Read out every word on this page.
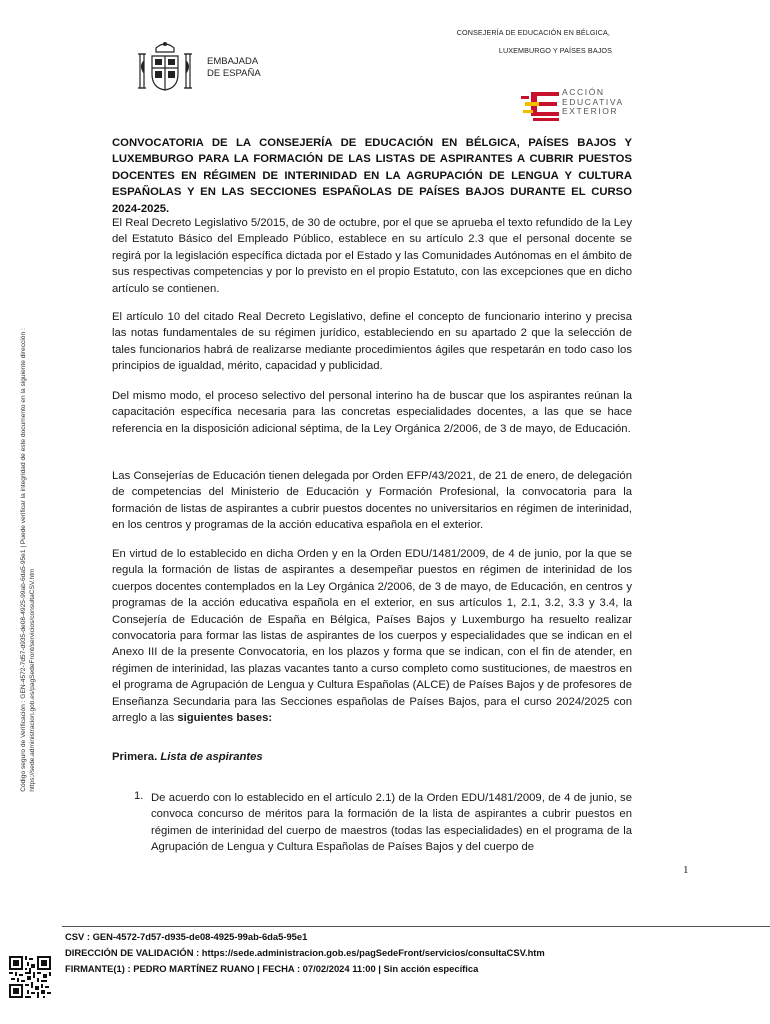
CONSEJERÍA DE EDUCACIÓN EN BÉLGICA,
LUXEMBURGO Y PAÍSES BAJOS
EMBAJADA
DE ESPAÑA
ACCIÓN
EDUCATIVA
EXTERIOR
CONVOCATORIA DE LA CONSEJERÍA DE EDUCACIÓN EN BÉLGICA, PAÍSES BAJOS Y LUXEMBURGO PARA LA FORMACIÓN DE LAS LISTAS DE ASPIRANTES A CUBRIR PUESTOS DOCENTES EN RÉGIMEN DE INTERINIDAD EN LA AGRUPACIÓN DE LENGUA Y CULTURA ESPAÑOLAS Y EN LAS SECCIONES ESPAÑOLAS DE PAÍSES BAJOS DURANTE EL CURSO 2024-2025.
El Real Decreto Legislativo 5/2015, de 30 de octubre, por el que se aprueba el texto refundido de la Ley del Estatuto Básico del Empleado Público, establece en su artículo 2.3 que el personal docente se regirá por la legislación específica dictada por el Estado y las Comunidades Autónomas en el ámbito de sus respectivas competencias y por lo previsto en el propio Estatuto, con las excepciones que en dicho artículo se contienen.
El artículo 10 del citado Real Decreto Legislativo, define el concepto de funcionario interino y precisa las notas fundamentales de su régimen jurídico, estableciendo en su apartado 2 que la selección de tales funcionarios habrá de realizarse mediante procedimientos ágiles que respetarán en todo caso los principios de igualdad, mérito, capacidad y publicidad.
Del mismo modo, el proceso selectivo del personal interino ha de buscar que los aspirantes reúnan la capacitación específica necesaria para las concretas especialidades docentes, a las que se hace referencia en la disposición adicional séptima, de la Ley Orgánica 2/2006, de 3 de mayo, de Educación.
Las Consejerías de Educación tienen delegada por Orden EFP/43/2021, de 21 de enero, de delegación de competencias del Ministerio de Educación y Formación Profesional, la convocatoria para la formación de listas de aspirantes a cubrir puestos docentes no universitarios en régimen de interinidad, en los centros y programas de la acción educativa española en el exterior.
En virtud de lo establecido en dicha Orden y en la Orden EDU/1481/2009, de 4 de junio, por la que se regula la formación de listas de aspirantes a desempeñar puestos en régimen de interinidad de los cuerpos docentes contemplados en la Ley Orgánica 2/2006, de 3 de mayo, de Educación, en centros y programas de la acción educativa española en el exterior, en sus artículos 1, 2.1, 3.2, 3.3 y 3.4, la Consejería de Educación de España en Bélgica, Países Bajos y Luxemburgo ha resuelto realizar convocatoria para formar las listas de aspirantes de los cuerpos y especialidades que se indican en el Anexo III de la presente Convocatoria, en los plazos y forma que se indican, con el fin de atender, en régimen de interinidad, las plazas vacantes tanto a curso completo como sustituciones, de maestros en el programa de Agrupación de Lengua y Cultura Españolas (ALCE) de Países Bajos y de profesores de Enseñanza Secundaria para las Secciones españolas de Países Bajos, para el curso 2024/2025 con arreglo a las siguientes bases:
Primera. Lista de aspirantes
1. De acuerdo con lo establecido en el artículo 2.1) de la Orden EDU/1481/2009, de 4 de junio, se convoca concurso de méritos para la formación de la lista de aspirantes a cubrir puestos en régimen de interinidad del cuerpo de maestros (todas las especialidades) en el programa de la Agrupación de Lengua y Cultura Españolas de Países Bajos y del cuerpo de
1
Código seguro de Verificación : GEN-4572-7d57-d935-de08-4925-99ab-6da5-95e1 | Puede verificar la integridad de este documento en la siguiente dirección : https://sede.administracion.gob.es/pagSedeFront/servicios/consultaCSV.htm
CSV : GEN-4572-7d57-d935-de08-4925-99ab-6da5-95e1
DIRECCIÓN DE VALIDACIÓN : https://sede.administracion.gob.es/pagSedeFront/servicios/consultaCSV.htm
FIRMANTE(1) : PEDRO MARTÍNEZ RUANO | FECHA : 07/02/2024 11:00 | Sin acción específica
